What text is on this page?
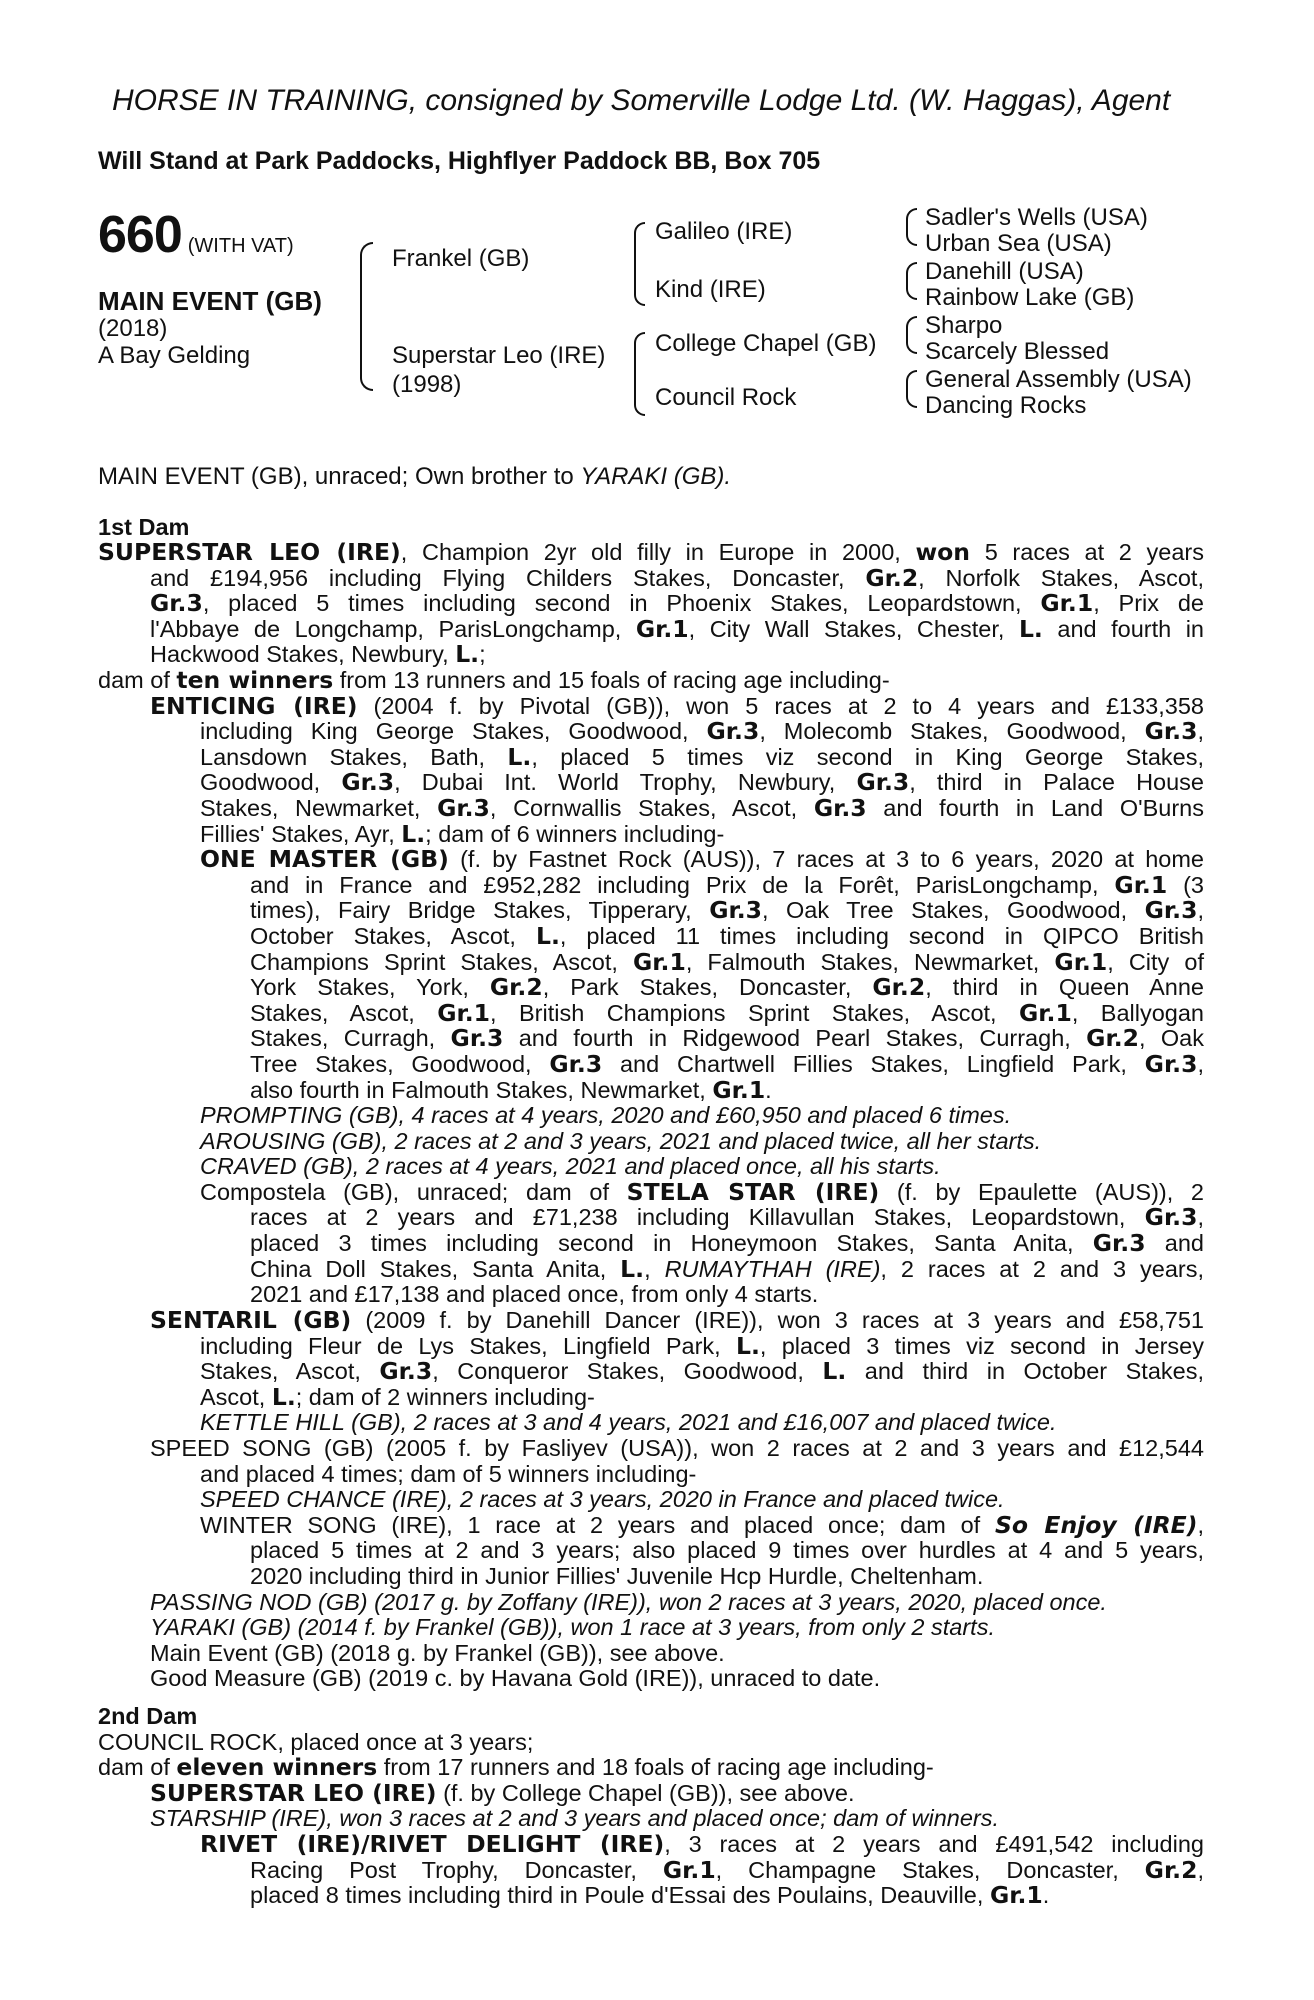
HORSE IN TRAINING, consigned by Somerville Lodge Ltd. (W. Haggas), Agent
Will Stand at Park Paddocks, Highflyer Paddock BB, Box 705
660 (WITH VAT)
MAIN EVENT (GB)
(2018)
A Bay Gelding
Frankel (GB)
Superstar Leo (IRE)
(1998)
Galileo (IRE)
Kind (IRE)
College Chapel (GB)
Council Rock
Sadler's Wells (USA)
Urban Sea (USA)
Danehill (USA)
Rainbow Lake (GB)
Sharpo
Scarcely Blessed
General Assembly (USA)
Dancing Rocks
MAIN EVENT (GB), unraced; Own brother to YARAKI (GB).
1st Dam
SUPERSTAR LEO (IRE), Champion 2yr old filly in Europe in 2000, won 5 races at 2 years
and £194,956 including Flying Childers Stakes, Doncaster, Gr.2, Norfolk Stakes, Ascot,
Gr.3, placed 5 times including second in Phoenix Stakes, Leopardstown, Gr.1, Prix de
l'Abbaye de Longchamp, ParisLongchamp, Gr.1, City Wall Stakes, Chester, L. and fourth in
Hackwood Stakes, Newbury, L.;
dam of ten winners from 13 runners and 15 foals of racing age including-
ENTICING (IRE) (2004 f. by Pivotal (GB)), won 5 races at 2 to 4 years and £133,358
including King George Stakes, Goodwood, Gr.3, Molecomb Stakes, Goodwood, Gr.3,
Lansdown Stakes, Bath, L., placed 5 times viz second in King George Stakes,
Goodwood, Gr.3, Dubai Int. World Trophy, Newbury, Gr.3, third in Palace House
Stakes, Newmarket, Gr.3, Cornwallis Stakes, Ascot, Gr.3 and fourth in Land O'Burns
Fillies' Stakes, Ayr, L.; dam of 6 winners including-
ONE MASTER (GB) (f. by Fastnet Rock (AUS)), 7 races at 3 to 6 years, 2020 at home
and in France and £952,282 including Prix de la Forêt, ParisLongchamp, Gr.1 (3
times), Fairy Bridge Stakes, Tipperary, Gr.3, Oak Tree Stakes, Goodwood, Gr.3,
October Stakes, Ascot, L., placed 11 times including second in QIPCO British
Champions Sprint Stakes, Ascot, Gr.1, Falmouth Stakes, Newmarket, Gr.1, City of
York Stakes, York, Gr.2, Park Stakes, Doncaster, Gr.2, third in Queen Anne
Stakes, Ascot, Gr.1, British Champions Sprint Stakes, Ascot, Gr.1, Ballyogan
Stakes, Curragh, Gr.3 and fourth in Ridgewood Pearl Stakes, Curragh, Gr.2, Oak
Tree Stakes, Goodwood, Gr.3 and Chartwell Fillies Stakes, Lingfield Park, Gr.3,
also fourth in Falmouth Stakes, Newmarket, Gr.1.
PROMPTING (GB), 4 races at 4 years, 2020 and £60,950 and placed 6 times.
AROUSING (GB), 2 races at 2 and 3 years, 2021 and placed twice, all her starts.
CRAVED (GB), 2 races at 4 years, 2021 and placed once, all his starts.
Compostela (GB), unraced; dam of STELA STAR (IRE) (f. by Epaulette (AUS)), 2
races at 2 years and £71,238 including Killavullan Stakes, Leopardstown, Gr.3,
placed 3 times including second in Honeymoon Stakes, Santa Anita, Gr.3 and
China Doll Stakes, Santa Anita, L., RUMAYTHAH (IRE), 2 races at 2 and 3 years,
2021 and £17,138 and placed once, from only 4 starts.
SENTARIL (GB) (2009 f. by Danehill Dancer (IRE)), won 3 races at 3 years and £58,751
including Fleur de Lys Stakes, Lingfield Park, L., placed 3 times viz second in Jersey
Stakes, Ascot, Gr.3, Conqueror Stakes, Goodwood, L. and third in October Stakes,
Ascot, L.; dam of 2 winners including-
KETTLE HILL (GB), 2 races at 3 and 4 years, 2021 and £16,007 and placed twice.
SPEED SONG (GB) (2005 f. by Fasliyev (USA)), won 2 races at 2 and 3 years and £12,544
and placed 4 times; dam of 5 winners including-
SPEED CHANCE (IRE), 2 races at 3 years, 2020 in France and placed twice.
WINTER SONG (IRE), 1 race at 2 years and placed once; dam of So Enjoy (IRE),
placed 5 times at 2 and 3 years; also placed 9 times over hurdles at 4 and 5 years,
2020 including third in Junior Fillies' Juvenile Hcp Hurdle, Cheltenham.
PASSING NOD (GB) (2017 g. by Zoffany (IRE)), won 2 races at 3 years, 2020, placed once.
YARAKI (GB) (2014 f. by Frankel (GB)), won 1 race at 3 years, from only 2 starts.
Main Event (GB) (2018 g. by Frankel (GB)), see above.
Good Measure (GB) (2019 c. by Havana Gold (IRE)), unraced to date.
2nd Dam
COUNCIL ROCK, placed once at 3 years;
dam of eleven winners from 17 runners and 18 foals of racing age including-
SUPERSTAR LEO (IRE) (f. by College Chapel (GB)), see above.
STARSHIP (IRE), won 3 races at 2 and 3 years and placed once; dam of winners.
RIVET (IRE)/RIVET DELIGHT (IRE), 3 races at 2 years and £491,542 including
Racing Post Trophy, Doncaster, Gr.1, Champagne Stakes, Doncaster, Gr.2,
placed 8 times including third in Poule d'Essai des Poulains, Deauville, Gr.1.
